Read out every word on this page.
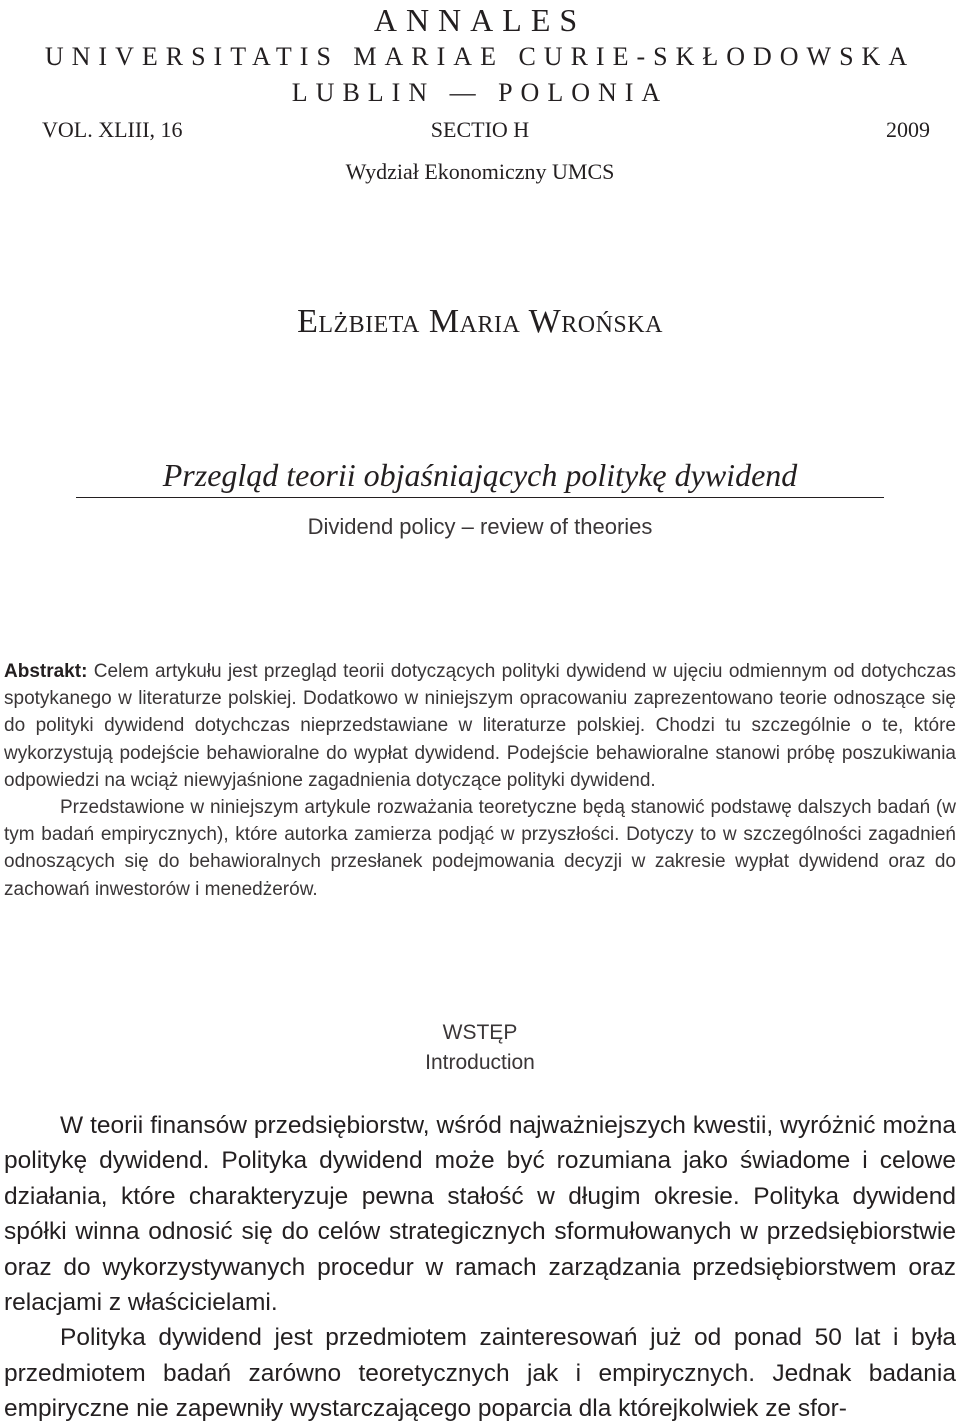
ANNALES
UNIVERSITATIS MARIAE CURIE-SKŁODOWSKA
LUBLIN — POLONIA
SECTIO H
VOL. XLIII, 16	2009
Wydział Ekonomiczny UMCS
Elżbieta Maria Wrońska
Przegląd teorii objaśniających politykę dywidend
Dividend policy – review of theories

Abstrakt: Celem artykułu jest przegląd teorii dotyczących polityki dywidend w ujęciu odmiennym od dotychczas spotykanego w literaturze polskiej. Dodatkowo w niniejszym opracowaniu zaprezentowano teorie odnoszące się do polityki dywidend dotychczas nieprzedstawiane w literaturze polskiej. Chodzi tu szczególnie o te, które wykorzystują podejście behawioralne do wypłat dywidend. Podejście behawioralne stanowi próbę poszukiwania odpowiedzi na wciąż niewyjaśnione zagadnienia dotyczące polityki dywidend.

Przedstawione w niniejszym artykule rozważania teoretyczne będą stanowić podstawę dalszych badań (w tym badań empirycznych), które autorka zamierza podjąć w przyszłości. Dotyczy to w szczególności zagadnień odnoszących się do behawioralnych przesłanek podejmowania decyzji w zakresie wypłat dywidend oraz do zachowań inwestorów i menedżerów.

WSTĘP
Introduction

W teorii finansów przedsiębiorstw, wśród najważniejszych kwestii, wyróżnić można politykę dywidend. Polityka dywidend może być rozumiana jako świadome i celowe działania, które charakteryzuje pewna stałość w długim okresie. Polityka dywidend spółki winna odnosić się do celów strategicznych sformułowanych w przedsiębiorstwie oraz do wykorzystywanych procedur w ramach zarządzania przedsiębiorstwem oraz relacjami z właścicielami.

Polityka dywidend jest przedmiotem zainteresowań już od ponad 50 lat i była przedmiotem badań zarówno teoretycznych jak i empirycznych. Jednak badania empiryczne nie zapewniły wystarczającego poparcia dla którejkolwiek ze sfor-
